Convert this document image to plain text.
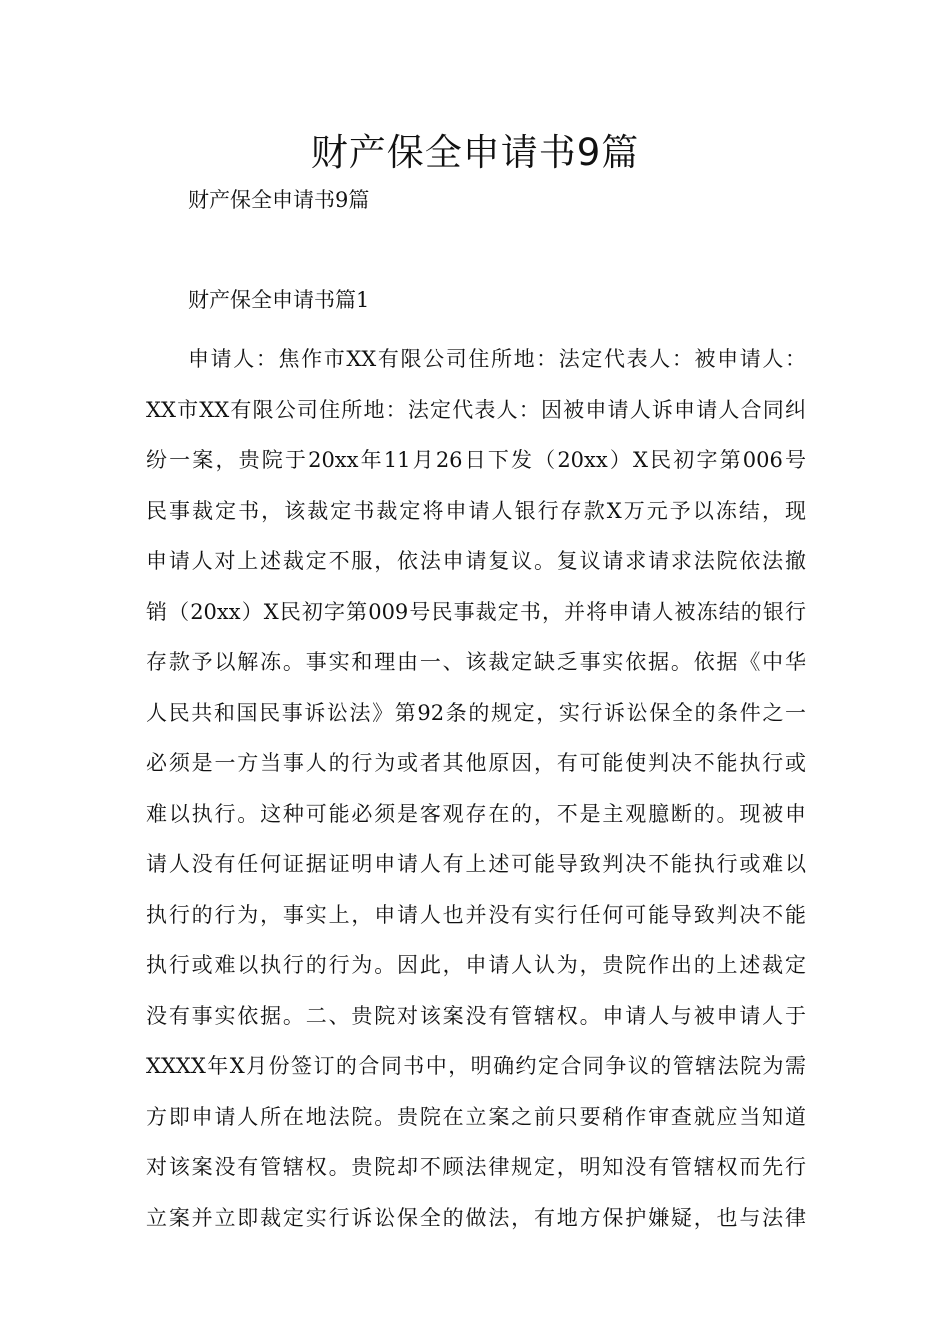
财产保全申请书9篇

财产保全申请书9篇

财产保全申请书篇1
申请人：焦作市XX有限公司住所地：法定代表人：被申请人：
XX市XX有限公司住所地：法定代表人：因被申请人诉申请人合同纠
纷一案，贵院于20xx年11月26日下发（20xx）X民初字第006号
民事裁定书，该裁定书裁定将申请人银行存款X万元予以冻结，现
申请人对上述裁定不服，依法申请复议。复议请求请求法院依法撤
销（20xx）X民初字第009号民事裁定书，并将申请人被冻结的银行
存款予以解冻。事实和理由一、该裁定缺乏事实依据。依据《中华
人民共和国民事诉讼法》第92条的规定，实行诉讼保全的条件之一
必须是一方当事人的行为或者其他原因，有可能使判决不能执行或
难以执行。这种可能必须是客观存在的，不是主观臆断的。现被申
请人没有任何证据证明申请人有上述可能导致判决不能执行或难以
执行的行为，事实上，申请人也并没有实行任何可能导致判决不能
执行或难以执行的行为。因此，申请人认为，贵院作出的上述裁定
没有事实依据。二、贵院对该案没有管辖权。申请人与被申请人于
XXXX年X月份签订的合同书中，明确约定合同争议的管辖法院为需
方即申请人所在地法院。贵院在立案之前只要稍作审查就应当知道
对该案没有管辖权。贵院却不顾法律规定，明知没有管辖权而先行
立案并立即裁定实行诉讼保全的做法，有地方保护嫌疑，也与法律
